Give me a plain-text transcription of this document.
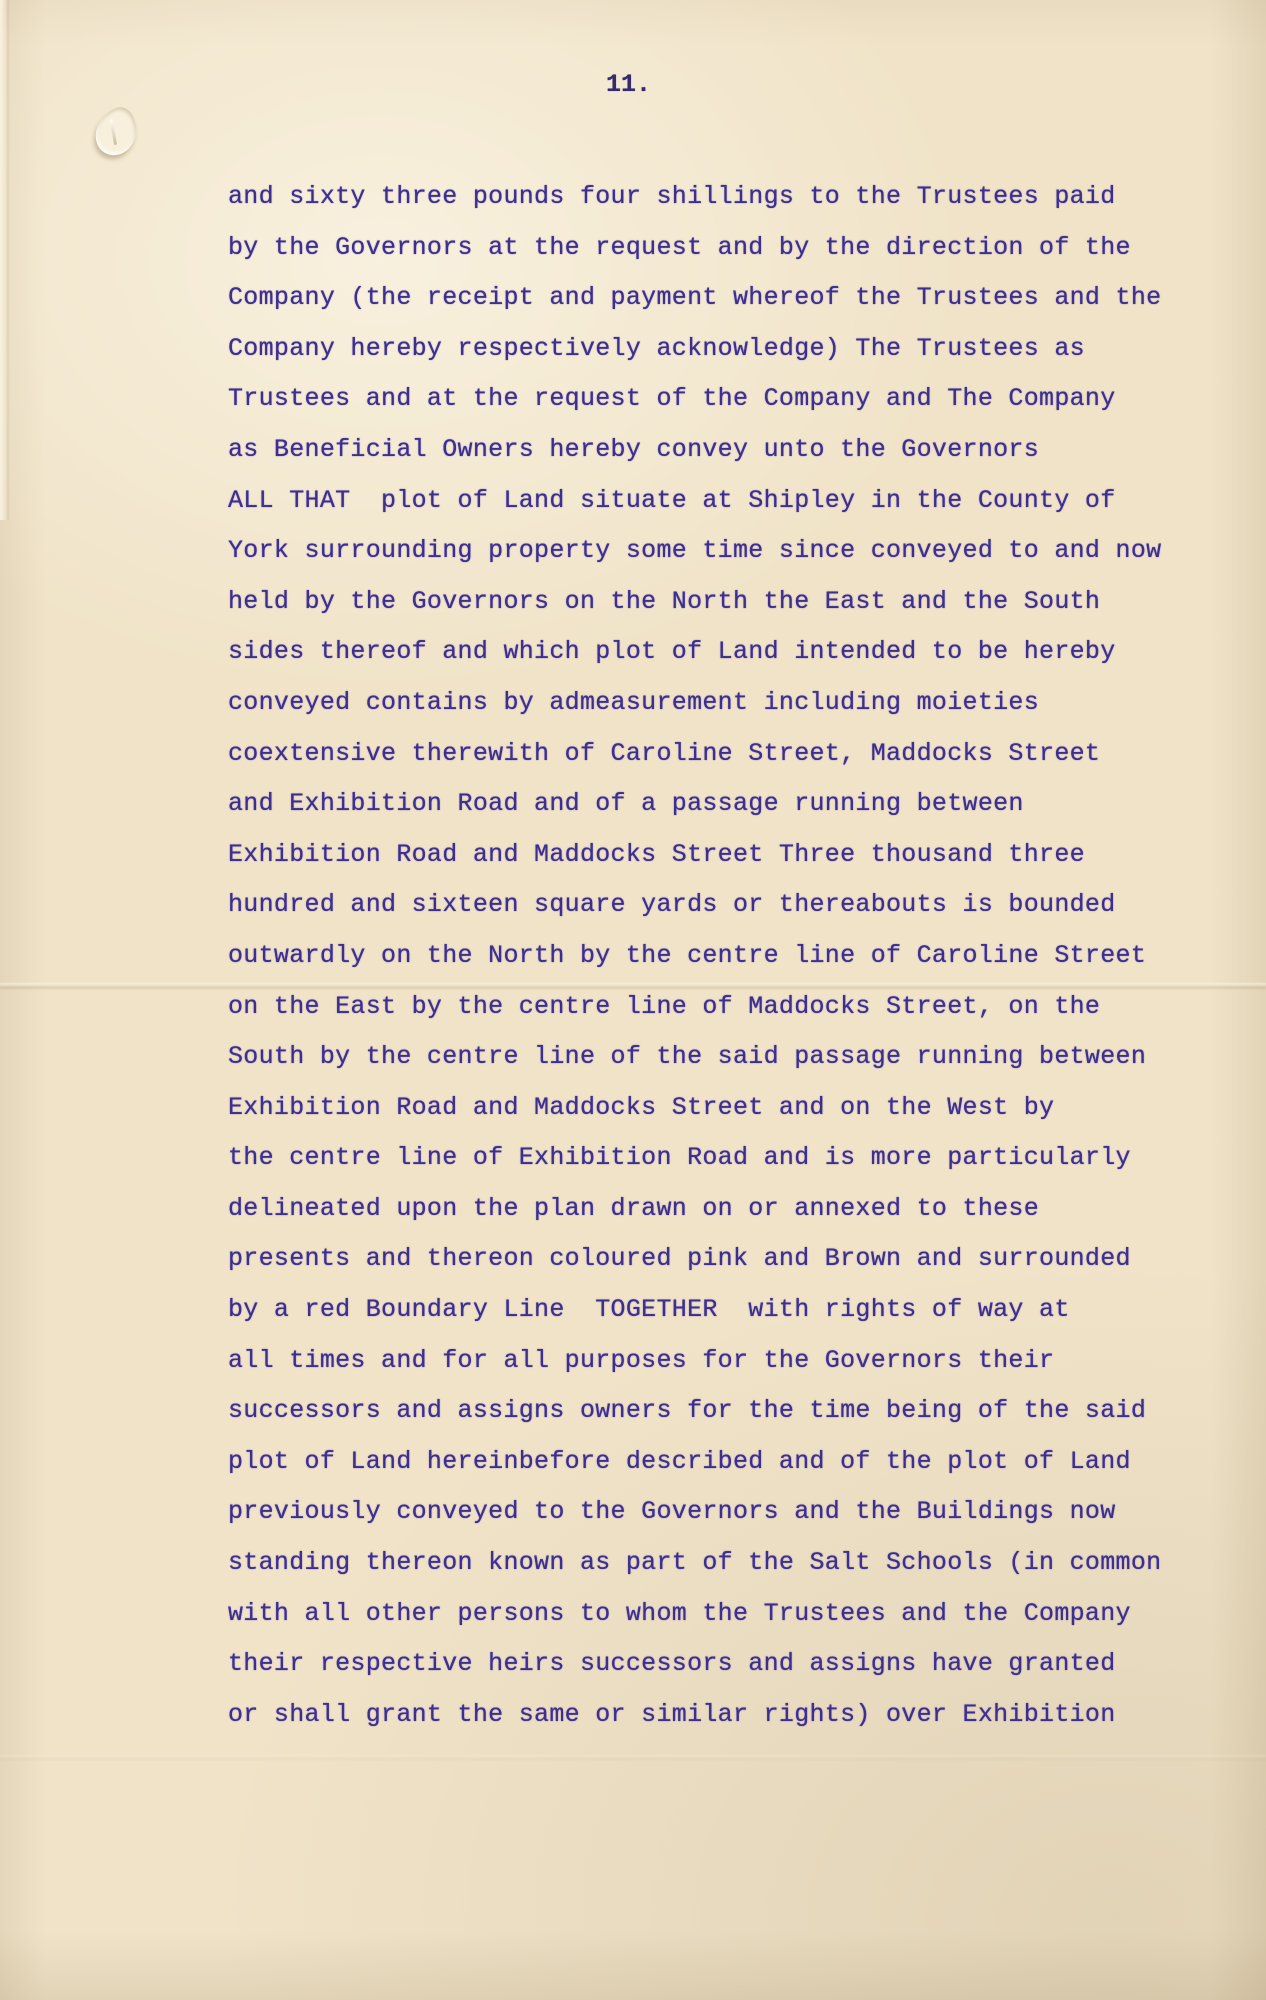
11.
and sixty three pounds four shillings to the Trustees paid
by the Governors at the request and by the direction of the
Company (the receipt and payment whereof the Trustees and the
Company hereby respectively acknowledge) The Trustees as
Trustees and at the request of the Company and The Company
as Beneficial Owners hereby convey unto the Governors
ALL THAT  plot of Land situate at Shipley in the County of
York surrounding property some time since conveyed to and now
held by the Governors on the North the East and the South
sides thereof and which plot of Land intended to be hereby
conveyed contains by admeasurement including moieties
coextensive therewith of Caroline Street, Maddocks Street
and Exhibition Road and of a passage running between
Exhibition Road and Maddocks Street Three thousand three
hundred and sixteen square yards or thereabouts is bounded
outwardly on the North by the centre line of Caroline Street
on the East by the centre line of Maddocks Street, on the
South by the centre line of the said passage running between
Exhibition Road and Maddocks Street and on the West by
the centre line of Exhibition Road and is more particularly
delineated upon the plan drawn on or annexed to these
presents and thereon coloured pink and Brown and surrounded
by a red Boundary Line  TOGETHER  with rights of way at
all times and for all purposes for the Governors their
successors and assigns owners for the time being of the said
plot of Land hereinbefore described and of the plot of Land
previously conveyed to the Governors and the Buildings now
standing thereon known as part of the Salt Schools (in common
with all other persons to whom the Trustees and the Company
their respective heirs successors and assigns have granted
or shall grant the same or similar rights) over Exhibition
